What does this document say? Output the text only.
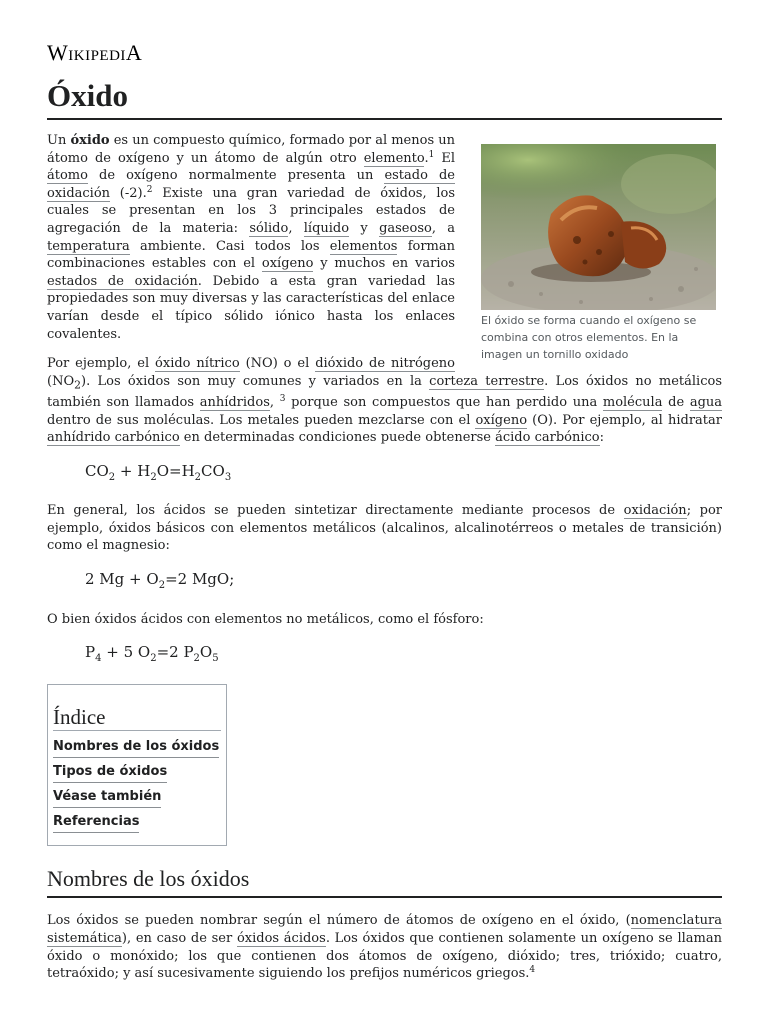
WikipediA
Óxido
El óxido se forma cuando el oxígeno se combina con otros elementos. En la imagen un tornillo oxidado

Un óxido es un compuesto químico, formado por al menos un átomo de oxígeno y un átomo de algún otro elemento.$^1$ El átomo de oxígeno normalmente presenta un estado de oxidación (-2).$^2$ Existe una gran variedad de óxidos, los cuales se presentan en los 3 principales estados de agregación de la materia: sólido, líquido y gaseoso, a temperatura ambiente. Casi todos los elementos forman combinaciones estables con el oxígeno y muchos en varios estados de oxidación. Debido a esta gran variedad las propiedades son muy diversas y las características del enlace varían desde el típico sólido iónico hasta los enlaces covalentes.

Por ejemplo, el óxido nítrico (NO) o el dióxido de nitrógeno $(NO_2)$. Los óxidos son muy comunes y variados en la corteza terrestre. Los óxidos no metálicos también son llamados anhídridos, $^3$ porque son compuestos que han perdido una molécula de agua dentro de sus moléculas. Los metales pueden mezclarse con el oxígeno (O). Por ejemplo, al hidratar anhídrido carbónico en determinadas condiciones puede obtenerse ácido carbónico:

$CO_2 + H_2O=H_2CO_3$

En general, los ácidos se pueden sintetizar directamente mediante procesos de oxidación; por ejemplo, óxidos básicos con elementos metálicos (alcalinos, alcalinotérreos o metales de transición) como el magnesio:

2 $Mg + O_2=2$ MgO;

O bien óxidos ácidos con elementos no metálicos, como el fósforo:

$P_4 + 5$ $O_2=2$ $P_2O_5$
Índice
Nombres de los óxidos
Tipos de óxidos
Véase también
Referencias
Nombres de los óxidos

Los óxidos se pueden nombrar según el número de átomos de oxígeno en el óxido, (nomenclatura sistemática), en caso de ser óxidos ácidos. Los óxidos que contienen solamente un oxígeno se llaman óxido o monóxido; los que contienen dos átomos de oxígeno, dióxido; tres, trióxido; cuatro, tetraóxido; y así sucesivamente siguiendo los prefijos numéricos griegos.$^4$
